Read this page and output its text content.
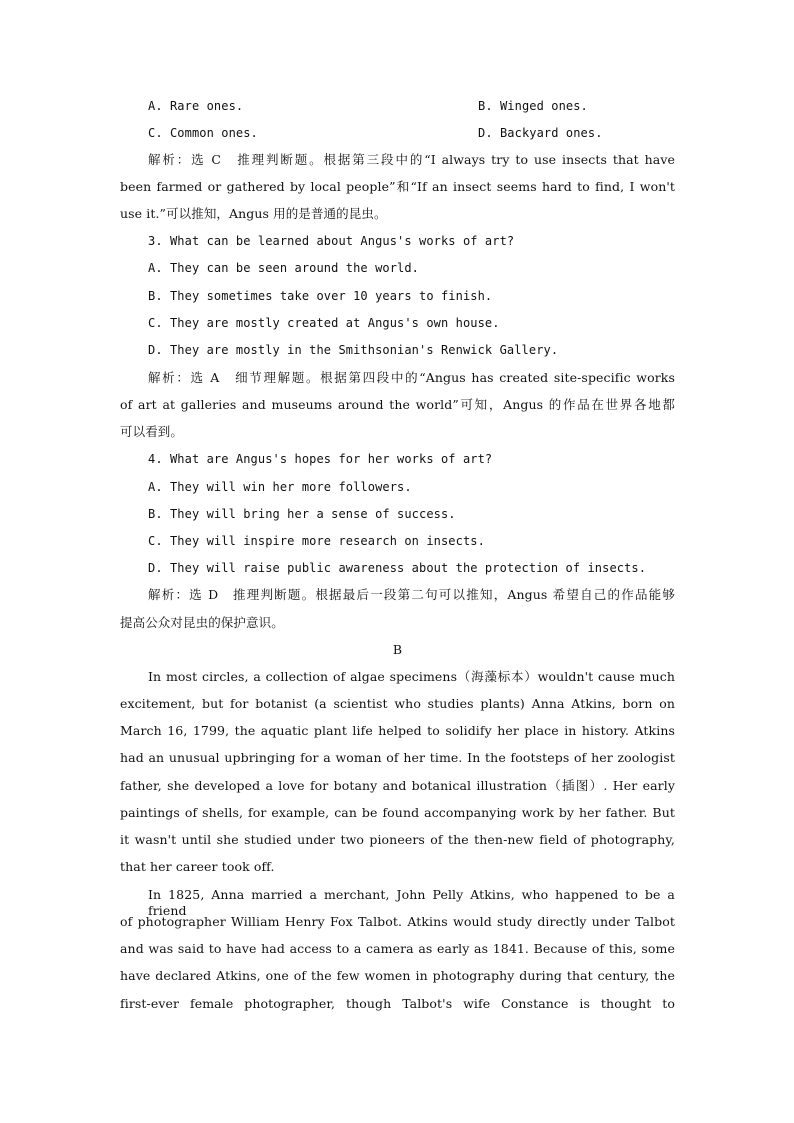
A. Rare ones.	B. Winged ones.
C. Common ones.	D. Backyard ones.
解析：选 C　推理判断题。根据第三段中的“I always try to use insects that have
been farmed or gathered by local people”和“If an insect seems hard to find, I won't
use it.”可以推知，Angus 用的是普通的昆虫。
3. What can be learned about Angus's works of art?
A. They can be seen around the world.
B. They sometimes take over 10 years to finish.
C. They are mostly created at Angus's own house.
D. They are mostly in the Smithsonian's Renwick Gallery.
解析：选 A　细节理解题。根据第四段中的“Angus has created site-specific works
of art at galleries and museums around the world”可知，Angus 的作品在世界各地都
可以看到。
4. What are Angus's hopes for her works of art?
A. They will win her more followers.
B. They will bring her a sense of success.
C. They will inspire more research on insects.
D. They will raise public awareness about the protection of insects.
解析：选 D　推理判断题。根据最后一段第二句可以推知，Angus 希望自己的作品能够
提高公众对昆虫的保护意识。
B
In most circles, a collection of algae specimens（海藻标本）wouldn't cause much
excitement, but for botanist (a scientist who studies plants) Anna Atkins, born on
March 16, 1799, the aquatic plant life helped to solidify her place in history. Atkins
had an unusual upbringing for a woman of her time. In the footsteps of her zoologist
father, she developed a love for botany and botanical illustration（插图）. Her early
paintings of shells, for example, can be found accompanying work by her father. But
it wasn't until she studied under two pioneers of the then-new field of photography,
that her career took off.
In 1825, Anna married a merchant, John Pelly Atkins, who happened to be a friend
of photographer William Henry Fox Talbot. Atkins would study directly under Talbot
and was said to have had access to a camera as early as 1841. Because of this, some
have declared Atkins, one of the few women in photography during that century, the
first-ever female photographer, though Talbot's wife Constance is thought to
